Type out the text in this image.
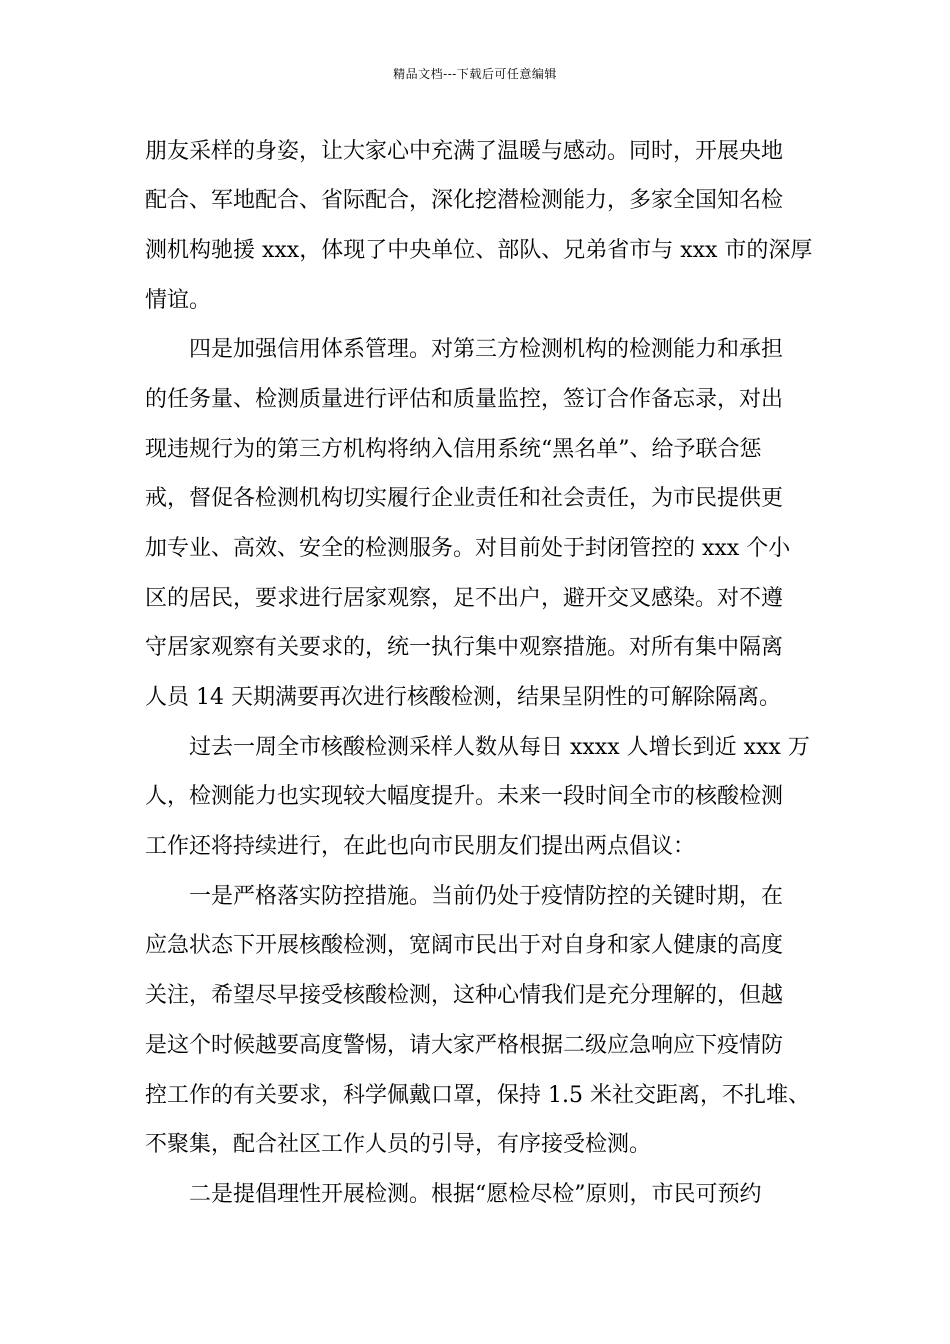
精品文档---下载后可任意编辑
朋友采样的身姿，让大家心中充满了温暖与感动。同时，开展央地
配合、军地配合、省际配合，深化挖潜检测能力，多家全国知名检
测机构驰援 xxx，体现了中央单位、部队、兄弟省市与 xxx 市的深厚
情谊。
四是加强信用体系管理。对第三方检测机构的检测能力和承担
的任务量、检测质量进行评估和质量监控，签订合作备忘录，对出
现违规行为的第三方机构将纳入信用系统“黑名单”、给予联合惩
戒，督促各检测机构切实履行企业责任和社会责任，为市民提供更
加专业、高效、安全的检测服务。对目前处于封闭管控的 xxx 个小
区的居民，要求进行居家观察，足不出户，避开交叉感染。对不遵
守居家观察有关要求的，统一执行集中观察措施。对所有集中隔离
人员 14 天期满要再次进行核酸检测，结果呈阴性的可解除隔离。
过去一周全市核酸检测采样人数从每日 xxxx 人增长到近 xxx 万
人，检测能力也实现较大幅度提升。未来一段时间全市的核酸检测
工作还将持续进行，在此也向市民朋友们提出两点倡议：
一是严格落实防控措施。当前仍处于疫情防控的关键时期，在
应急状态下开展核酸检测，宽阔市民出于对自身和家人健康的高度
关注，希望尽早接受核酸检测，这种心情我们是充分理解的，但越
是这个时候越要高度警惕，请大家严格根据二级应急响应下疫情防
控工作的有关要求，科学佩戴口罩，保持 1.5 米社交距离，不扎堆、
不聚集，配合社区工作人员的引导，有序接受检测。
二是提倡理性开展检测。根据“愿检尽检”原则，市民可预约
